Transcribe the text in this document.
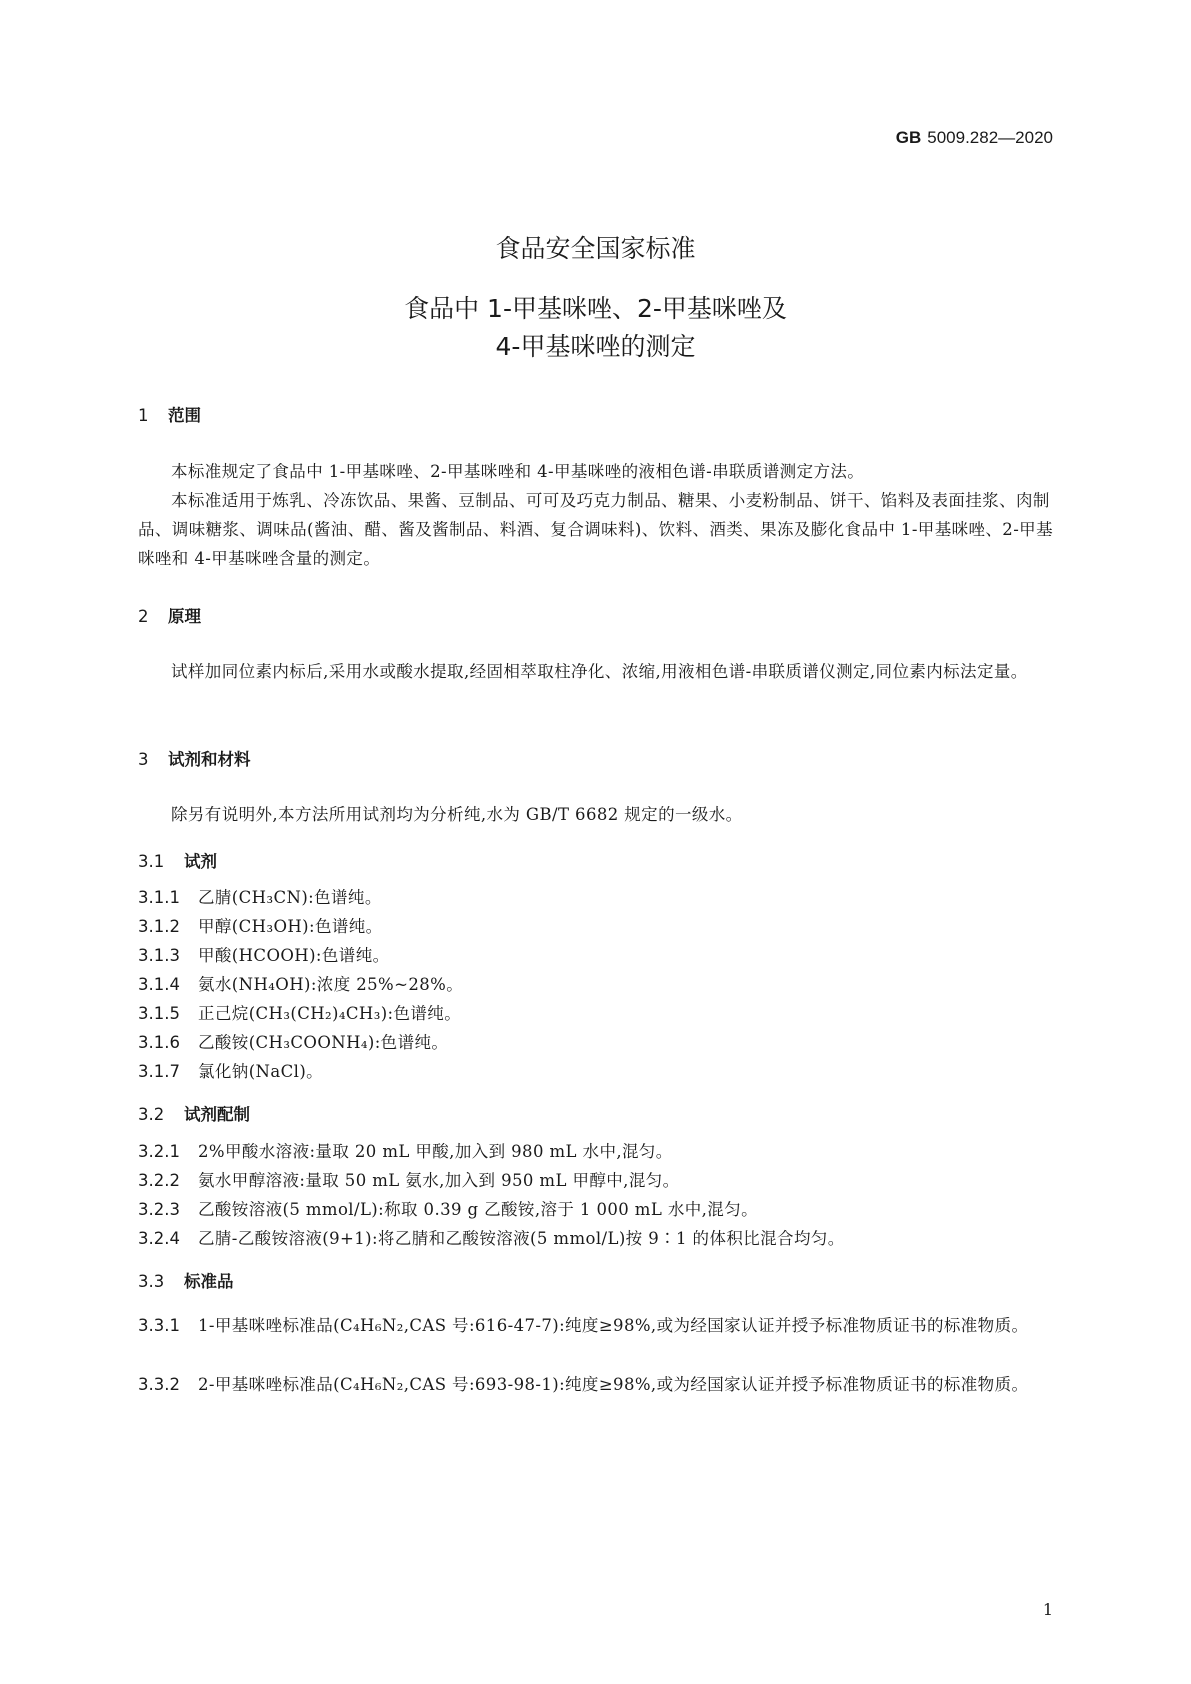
GB 5009.282—2020
食品安全国家标准
食品中 1-甲基咪唑、2-甲基咪唑及
4-甲基咪唑的测定
1 范围
本标准规定了食品中 1-甲基咪唑、2-甲基咪唑和 4-甲基咪唑的液相色谱-串联质谱测定方法。
本标准适用于炼乳、冷冻饮品、果酱、豆制品、可可及巧克力制品、糖果、小麦粉制品、饼干、馅料及表面挂浆、肉制品、调味糖浆、调味品(酱油、醋、酱及酱制品、料酒、复合调味料)、饮料、酒类、果冻及膨化食品中 1-甲基咪唑、2-甲基咪唑和 4-甲基咪唑含量的测定。
2 原理
试样加同位素内标后,采用水或酸水提取,经固相萃取柱净化、浓缩,用液相色谱-串联质谱仪测定,同位素内标法定量。
3 试剂和材料
除另有说明外,本方法所用试剂均为分析纯,水为 GB/T 6682 规定的一级水。
3.1 试剂
3.1.1 乙腈(CH₃CN):色谱纯。
3.1.2 甲醇(CH₃OH):色谱纯。
3.1.3 甲酸(HCOOH):色谱纯。
3.1.4 氨水(NH₄OH):浓度 25%~28%。
3.1.5 正己烷(CH₃(CH₂)₄CH₃):色谱纯。
3.1.6 乙酸铵(CH₃COONH₄):色谱纯。
3.1.7 氯化钠(NaCl)。
3.2 试剂配制
3.2.1 2%甲酸水溶液:量取 20 mL 甲酸,加入到 980 mL 水中,混匀。
3.2.2 氨水甲醇溶液:量取 50 mL 氨水,加入到 950 mL 甲醇中,混匀。
3.2.3 乙酸铵溶液(5 mmol/L):称取 0.39 g 乙酸铵,溶于 1 000 mL 水中,混匀。
3.2.4 乙腈-乙酸铵溶液(9+1):将乙腈和乙酸铵溶液(5 mmol/L)按 9∶1 的体积比混合均匀。
3.3 标准品
3.3.1 1-甲基咪唑标准品(C₄H₆N₂,CAS 号:616-47-7):纯度≥98%,或为经国家认证并授予标准物质证书的标准物质。
3.3.2 2-甲基咪唑标准品(C₄H₆N₂,CAS 号:693-98-1):纯度≥98%,或为经国家认证并授予标准物质证书的标准物质。
1
